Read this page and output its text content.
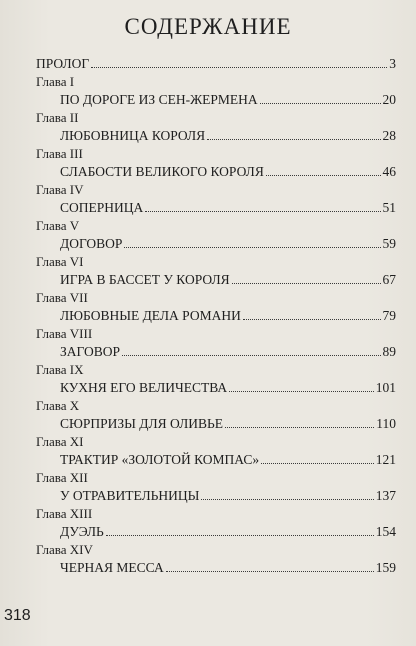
СОДЕРЖАНИЕ
ПРОЛОГ	3
Глава I
ПО ДОРОГЕ ИЗ СЕН-ЖЕРМЕНА	20
Глава II
ЛЮБОВНИЦА КОРОЛЯ	28
Глава III
СЛАБОСТИ ВЕЛИКОГО КОРОЛЯ	46
Глава IV
СОПЕРНИЦА	51
Глава V
ДОГОВОР	59
Глава VI
ИГРА В БАССЕТ У КОРОЛЯ	67
Глава VII
ЛЮБОВНЫЕ ДЕЛА РОМАНИ	79
Глава VIII
ЗАГОВОР	89
Глава IX
КУХНЯ ЕГО ВЕЛИЧЕСТВА	101
Глава X
СЮРПРИЗЫ ДЛЯ ОЛИВЬЕ	110
Глава XI
ТРАКТИР «ЗОЛОТОЙ КОМПАС»	121
Глава XII
У ОТРАВИТЕЛЬНИЦЫ	137
Глава XIII
ДУЭЛЬ	154
Глава XIV
ЧЕРНАЯ МЕССА	159
318
